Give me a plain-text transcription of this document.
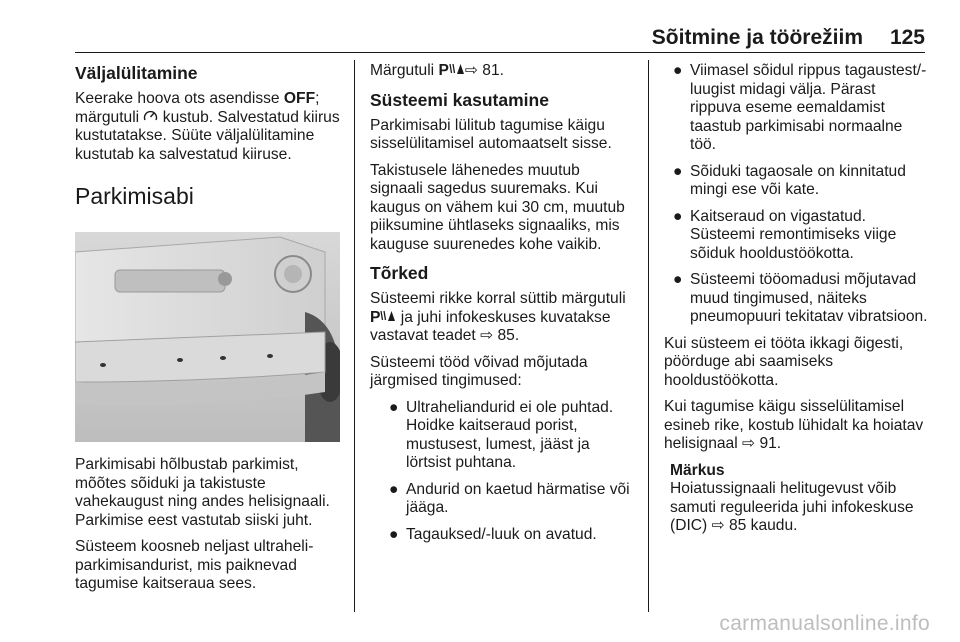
Sõitmine ja töörežiim 125
Väljalülitamine

Keerake hoova ots asendisse OFF; märgutuli  kustub. Salvestatud kiirus kustutatakse. Süüte väljalülitamine kustutab ka salvestatud kiiruse.

Parkimisabi

Parkimisabi hõlbustab parkimist, mõõtes sõiduki ja takistuste vahekaugust ning andes helisignaali. Parkimise eest vastutab siiski juht.

Süsteem koosneb neljast ultraheliparkimisandurist, mis paiknevad tagumise kaitseraua sees.

Märgutuli P ⇨ 81.

Süsteemi kasutamine

Parkimisabi lülitub tagumise käigu sisselülitamisel automaatselt sisse.

Takistusele lähenedes muutub signaali sagedus suuremaks. Kui kaugus on vähem kui 30 cm, muutub piiksumine ühtlaseks signaaliks, mis kauguse suurenedes kohe vaikib.

Tõrked

Süsteemi rikke korral süttib märgutuli P ja juhi infokeskuses kuvatakse vastavat teadet ⇨ 85.

Süsteemi tööd võivad mõjutada järgmised tingimused:

● Ultraheliandurid ei ole puhtad. Hoidke kaitseraud porist, mustusest, lumest, jääst ja lörtsist puhtana.
● Andurid on kaetud härmatise või jääga.
● Tagauksed/-luuk on avatud.
● Viimasel sõidul rippus tagaustest/-luugist midagi välja. Pärast rippuva eseme eemaldamist taastub parkimisabi normaalne töö.
● Sõiduki tagaosale on kinnitatud mingi ese või kate.
● Kaitseraud on vigastatud. Süsteemi remontimiseks viige sõiduk hooldustöökotta.
● Süsteemi tööomadusi mõjutavad muud tingimused, näiteks pneumopuuri tekitatav vibratsioon.

Kui süsteem ei tööta ikkagi õigesti, pöörduge abi saamiseks hooldustöökotta.

Kui tagumise käigu sisselülitamisel esineb rike, kostub lühidalt ka hoiatav helisignaal ⇨ 91.

Märkus
Hoiatussignaali helitugevust võib samuti reguleerida juhi infokeskuse (DIC) ⇨ 85 kaudu.
carmanualsonline.info
